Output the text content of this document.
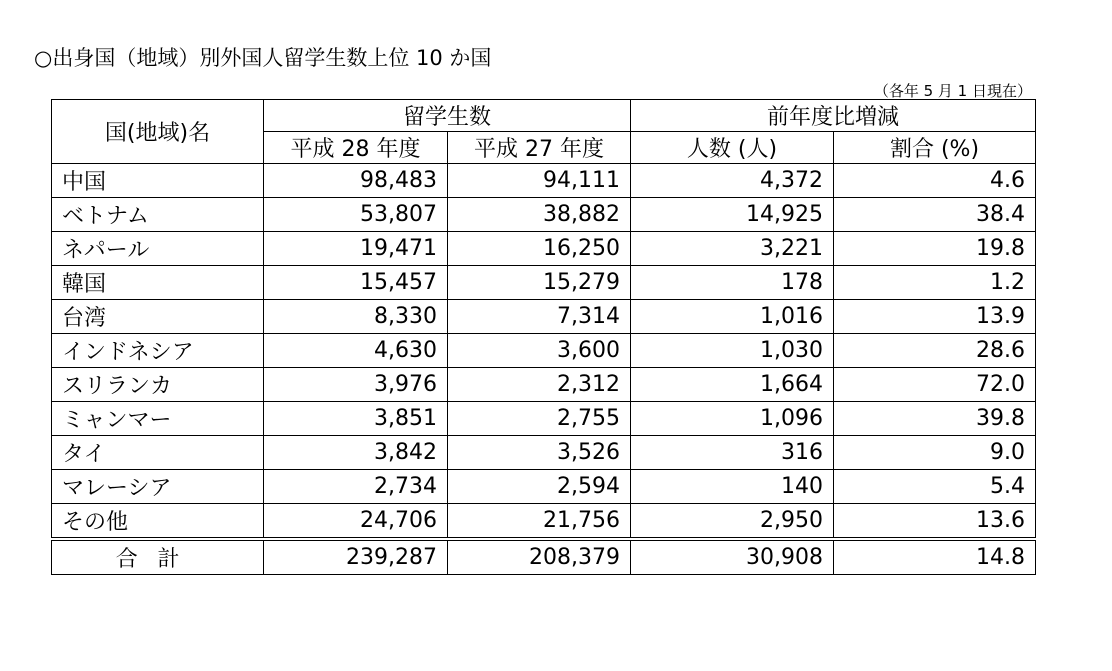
○出身国（地域）別外国人留学生数上位 10 か国
（各年 5 月 1 日現在）
国(地域)名	留学生数		前年度比増減	
	平成 28 年度	平成 27 年度	人数 (人)	割合 (%)
中国	98,483	94,111	4,372	4.6
ベトナム	53,807	38,882	14,925	38.4
ネパール	19,471	16,250	3,221	19.8
韓国	15,457	15,279	178	1.2
台湾	8,330	7,314	1,016	13.9
インドネシア	4,630	3,600	1,030	28.6
スリランカ	3,976	2,312	1,664	72.0
ミャンマー	3,851	2,755	1,096	39.8
タイ	3,842	3,526	316	9.0
マレーシア	2,734	2,594	140	5.4
その他	24,706	21,756	2,950	13.6
合計	239,287	208,379	30,908	14.8
